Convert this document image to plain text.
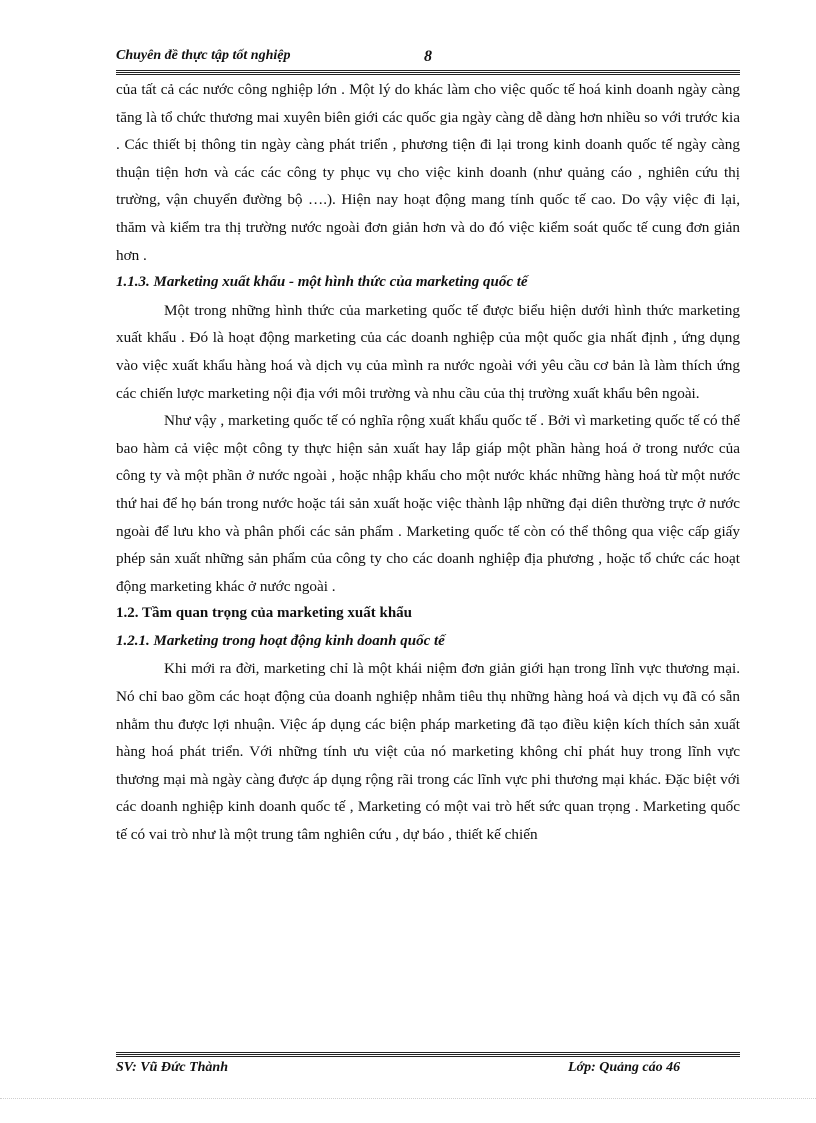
Chuyên đề thực tập tốt nghiệp	8

của tất cả các nước công nghiệp lớn . Một lý do khác làm cho việc quốc tế hoá kinh doanh ngày càng tăng là tổ chức thương mai xuyên biên giới các quốc gia ngày càng dễ dàng hơn nhiều so với trước kia . Các thiết bị thông tin ngày càng phát triển , phương tiện đi lại trong kinh doanh quốc tế ngày càng thuận tiện hơn và các các công ty phục vụ cho việc kinh doanh (như quảng cáo , nghiên cứu thị trường, vận chuyển đường bộ ….). Hiện nay hoạt động mang tính quốc tế cao. Do vậy việc đi lại, thăm và kiểm tra thị trường nước ngoài đơn giản hơn và do đó việc kiểm soát quốc tế cung đơn giản hơn .

1.1.3. Marketing xuất khẩu - một hình thức của marketing quốc tế

Một trong những hình thức của marketing quốc tế được biểu hiện dưới hình thức marketing xuất khẩu . Đó là hoạt động marketing của các doanh nghiệp của một quốc gia nhất định , ứng dụng vào việc xuất khẩu hàng hoá và dịch vụ của mình ra nước ngoài với yêu cầu cơ bản là làm thích ứng các chiến lược marketing nội địa với môi trường và nhu cầu của thị trường xuất khẩu bên ngoài.

Như vậy , marketing quốc tế có nghĩa rộng xuất khẩu quốc tế . Bởi vì marketing quốc tế có thể bao hàm cả việc một công ty thực hiện sản xuất hay lắp giáp một phần hàng hoá ở trong nước của công ty và một phần ở nước ngoài , hoặc nhập khẩu cho một nước khác những hàng hoá từ một nước thứ hai để họ bán trong nước hoặc tái sản xuất hoặc việc thành lập những đại diên thường trực ở nước ngoài để lưu kho và phân phối các sản phẩm . Marketing quốc tế còn có thể thông qua việc cấp giấy phép sản xuất những sản phẩm của công ty cho các doanh nghiệp địa phương , hoặc tổ chức các hoạt động marketing khác ở nước ngoài .

1.2. Tầm quan trọng của marketing xuất khẩu
1.2.1. Marketing trong hoạt động kinh doanh quốc tế

Khi mới ra đời, marketing chỉ là một khái niệm đơn giản giới hạn trong lĩnh vực thương mại. Nó chỉ bao gồm các hoạt động của doanh nghiệp nhằm tiêu thụ những hàng hoá và dịch vụ đã có sẵn nhằm thu được lợi nhuận. Việc áp dụng các biện pháp marketing đã tạo điều kiện kích thích sản xuất hàng hoá phát triển. Với những tính ưu việt của nó marketing không chỉ phát huy trong lĩnh vực thương mại mà ngày càng được áp dụng rộng rãi trong các lĩnh vực phi thương mại khác. Đặc biệt với các doanh nghiệp kinh doanh quốc tế , Marketing có một vai trò hết sức quan trọng . Marketing quốc tế có vai trò như là một trung tâm nghiên cứu , dự báo , thiết kế chiến

SV: Vũ Đức Thành	Lớp: Quảng cáo 46
